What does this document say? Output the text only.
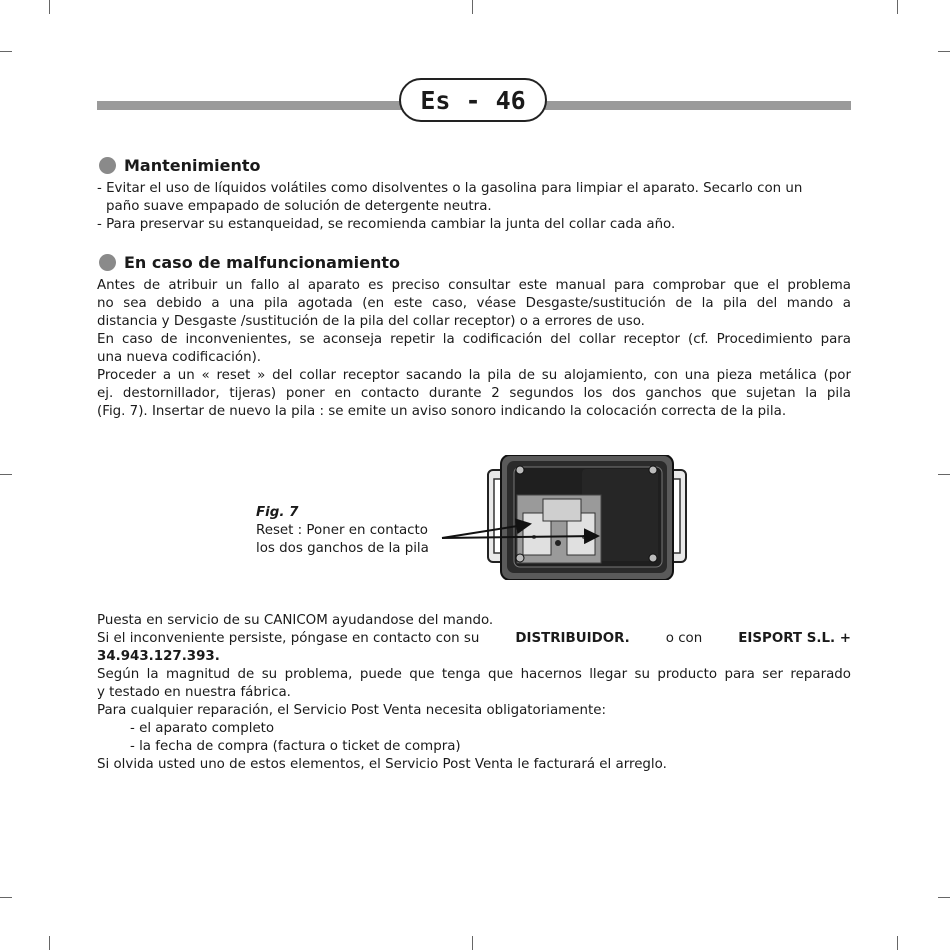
Es - 46
Mantenimiento
- Evitar el uso de líquidos volátiles como disolventes o la gasolina para limpiar el aparato. Secarlo con un
paño suave empapado de solución de detergente neutra.
- Para preservar su estanqueidad, se recomienda cambiar la junta del collar cada año.
En caso de malfuncionamiento
Antes de atribuir un fallo al aparato es preciso consultar este manual para comprobar que el problema
no sea debido a una pila agotada (en este caso, véase Desgaste/sustitución de la pila del mando a
distancia y Desgaste /sustitución de la pila del collar receptor) o a errores de uso.
En caso de inconvenientes, se aconseja repetir la codificación del collar receptor (cf. Procedimiento para
una nueva codificación).
Proceder a un « reset » del collar receptor sacando la pila de su alojamiento, con una pieza metálica (por
ej. destornillador, tijeras) poner en contacto durante 2 segundos los dos ganchos que sujetan la pila
(Fig. 7). Insertar de nuevo la pila : se emite un aviso sonoro indicando la colocación correcta de la pila.
Fig. 7
Reset : Poner en contacto
los dos ganchos de la pila
Puesta en servicio de su CANICOM ayudandose del mando.
Si el inconveniente persiste, póngase en contacto con su	DISTRIBUIDOR.	o con	EISPORT S.L. +
34.943.127.393.
Según la magnitud de su problema, puede que tenga que hacernos llegar su producto para ser reparado
y testado en nuestra fábrica.
Para cualquier reparación, el Servicio Post Venta necesita obligatoriamente:
- el aparato completo
- la fecha de compra (factura o ticket de compra)
Si olvida usted uno de estos elementos, el Servicio Post Venta le facturará el arreglo.
